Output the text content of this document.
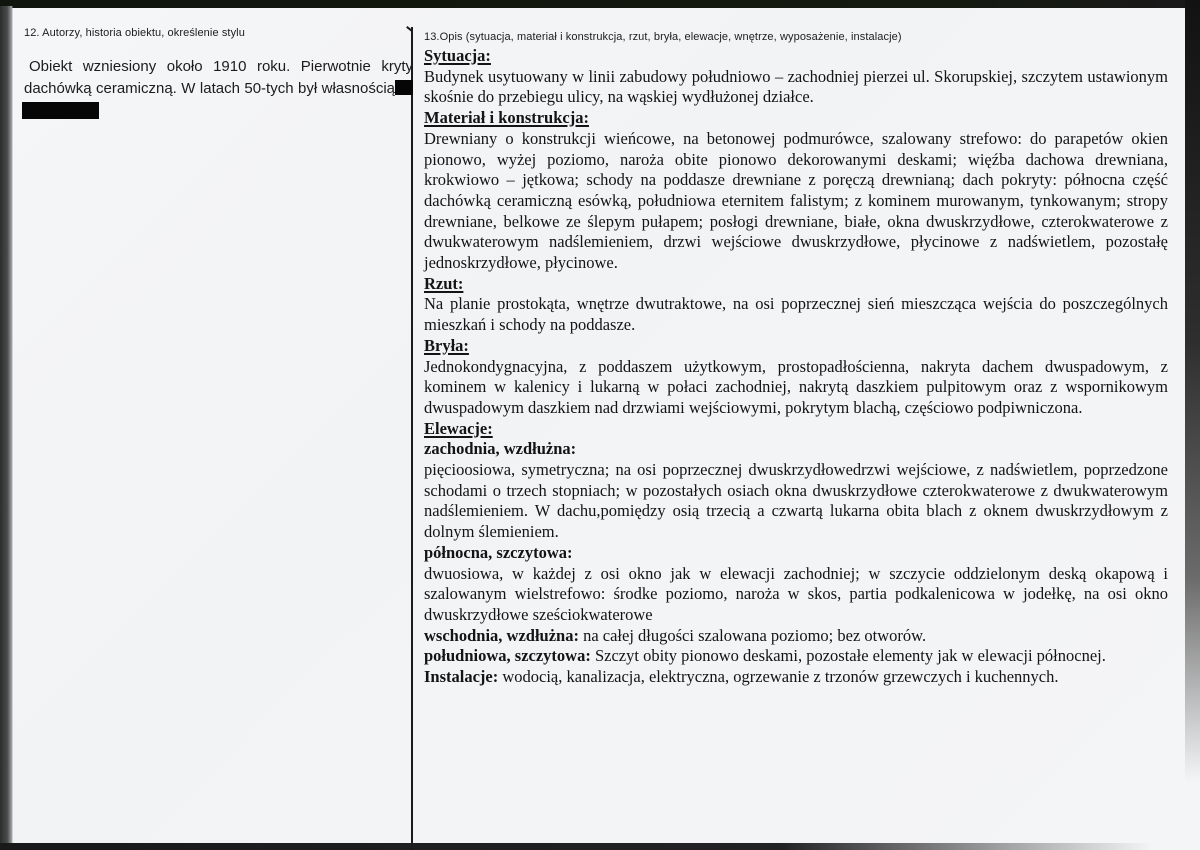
12. Autorzy, historia obiektu, określenie stylu
Obiekt wzniesiony około 1910 roku. Pierwotnie kryty
dachówką ceramiczną. W latach 50-tych był własnością
13.Opis (sytuacja, materiał i konstrukcja, rzut, bryła, elewacje, wnętrze, wyposażenie, instalacje)
Sytuacja:
Budynek usytuowany w linii zabudowy południowo – zachodniej pierzei ul. Skorupskiej, szczytem ustawionym skośnie do przebiegu ulicy, na wąskiej wydłużonej działce.
Materiał i konstrukcja:
Drewniany o konstrukcji wieńcowe, na betonowej podmurówce, szalowany strefowo: do parapetów okien pionowo, wyżej poziomo, naroża obite pionowo dekorowanymi deskami; więźba dachowa drewniana, krokwiowo – jętkowa; schody na poddasze drewniane z poręczą drewnianą; dach pokryty: północna część dachówką ceramiczną esówką, południowa eternitem falistym; z kominem murowanym, tynkowanym; stropy drewniane, belkowe ze ślepym pułapem; posłogi drewniane, białe, okna dwuskrzydłowe, czterokwaterowe z dwukwaterowym nadślemieniem, drzwi wejściowe dwuskrzydłowe, płycinowe z nadświetlem, pozostałę jednoskrzydłowe, płycinowe.
Rzut:
Na planie prostokąta, wnętrze dwutraktowe, na osi poprzecznej sień mieszcząca wejścia do poszczególnych mieszkań i schody na poddasze.
Bryła:
Jednokondygnacyjna, z poddaszem użytkowym, prostopadłościenna, nakryta dachem dwuspadowym, z kominem w kalenicy i lukarną w połaci zachodniej, nakrytą daszkiem pulpitowym oraz z wspornikowym dwuspadowym daszkiem nad drzwiami wejściowymi, pokrytym blachą, częściowo podpiwniczona.
Elewacje:
zachodnia, wzdłużna:
pięcioosiowa, symetryczna; na osi poprzecznej dwuskrzydłowedrzwi wejściowe, z nadświetlem, poprzedzone schodami o trzech stopniach; w pozostałych osiach okna dwuskrzydłowe czterokwaterowe z dwukwaterowym nadślemieniem. W dachu,pomiędzy osią trzecią a czwartą lukarna obita blach z oknem dwuskrzydłowym z dolnym ślemieniem.
północna, szczytowa:
dwuosiowa, w każdej z osi okno jak w elewacji zachodniej; w szczycie oddzielonym deską okapową i szalowanym wielstrefowo: środke poziomo, naroża w skos, partia podkalenicowa w jodełkę, na osi okno dwuskrzydłowe sześciokwaterowe
wschodnia, wzdłużna: na całej długości szalowana poziomo; bez otworów.
południowa, szczytowa: Szczyt obity pionowo deskami, pozostałe elementy jak w elewacji północnej.
Instalacje: wodocią, kanalizacja, elektryczna, ogrzewanie z trzonów grzewczych i kuchennych.
